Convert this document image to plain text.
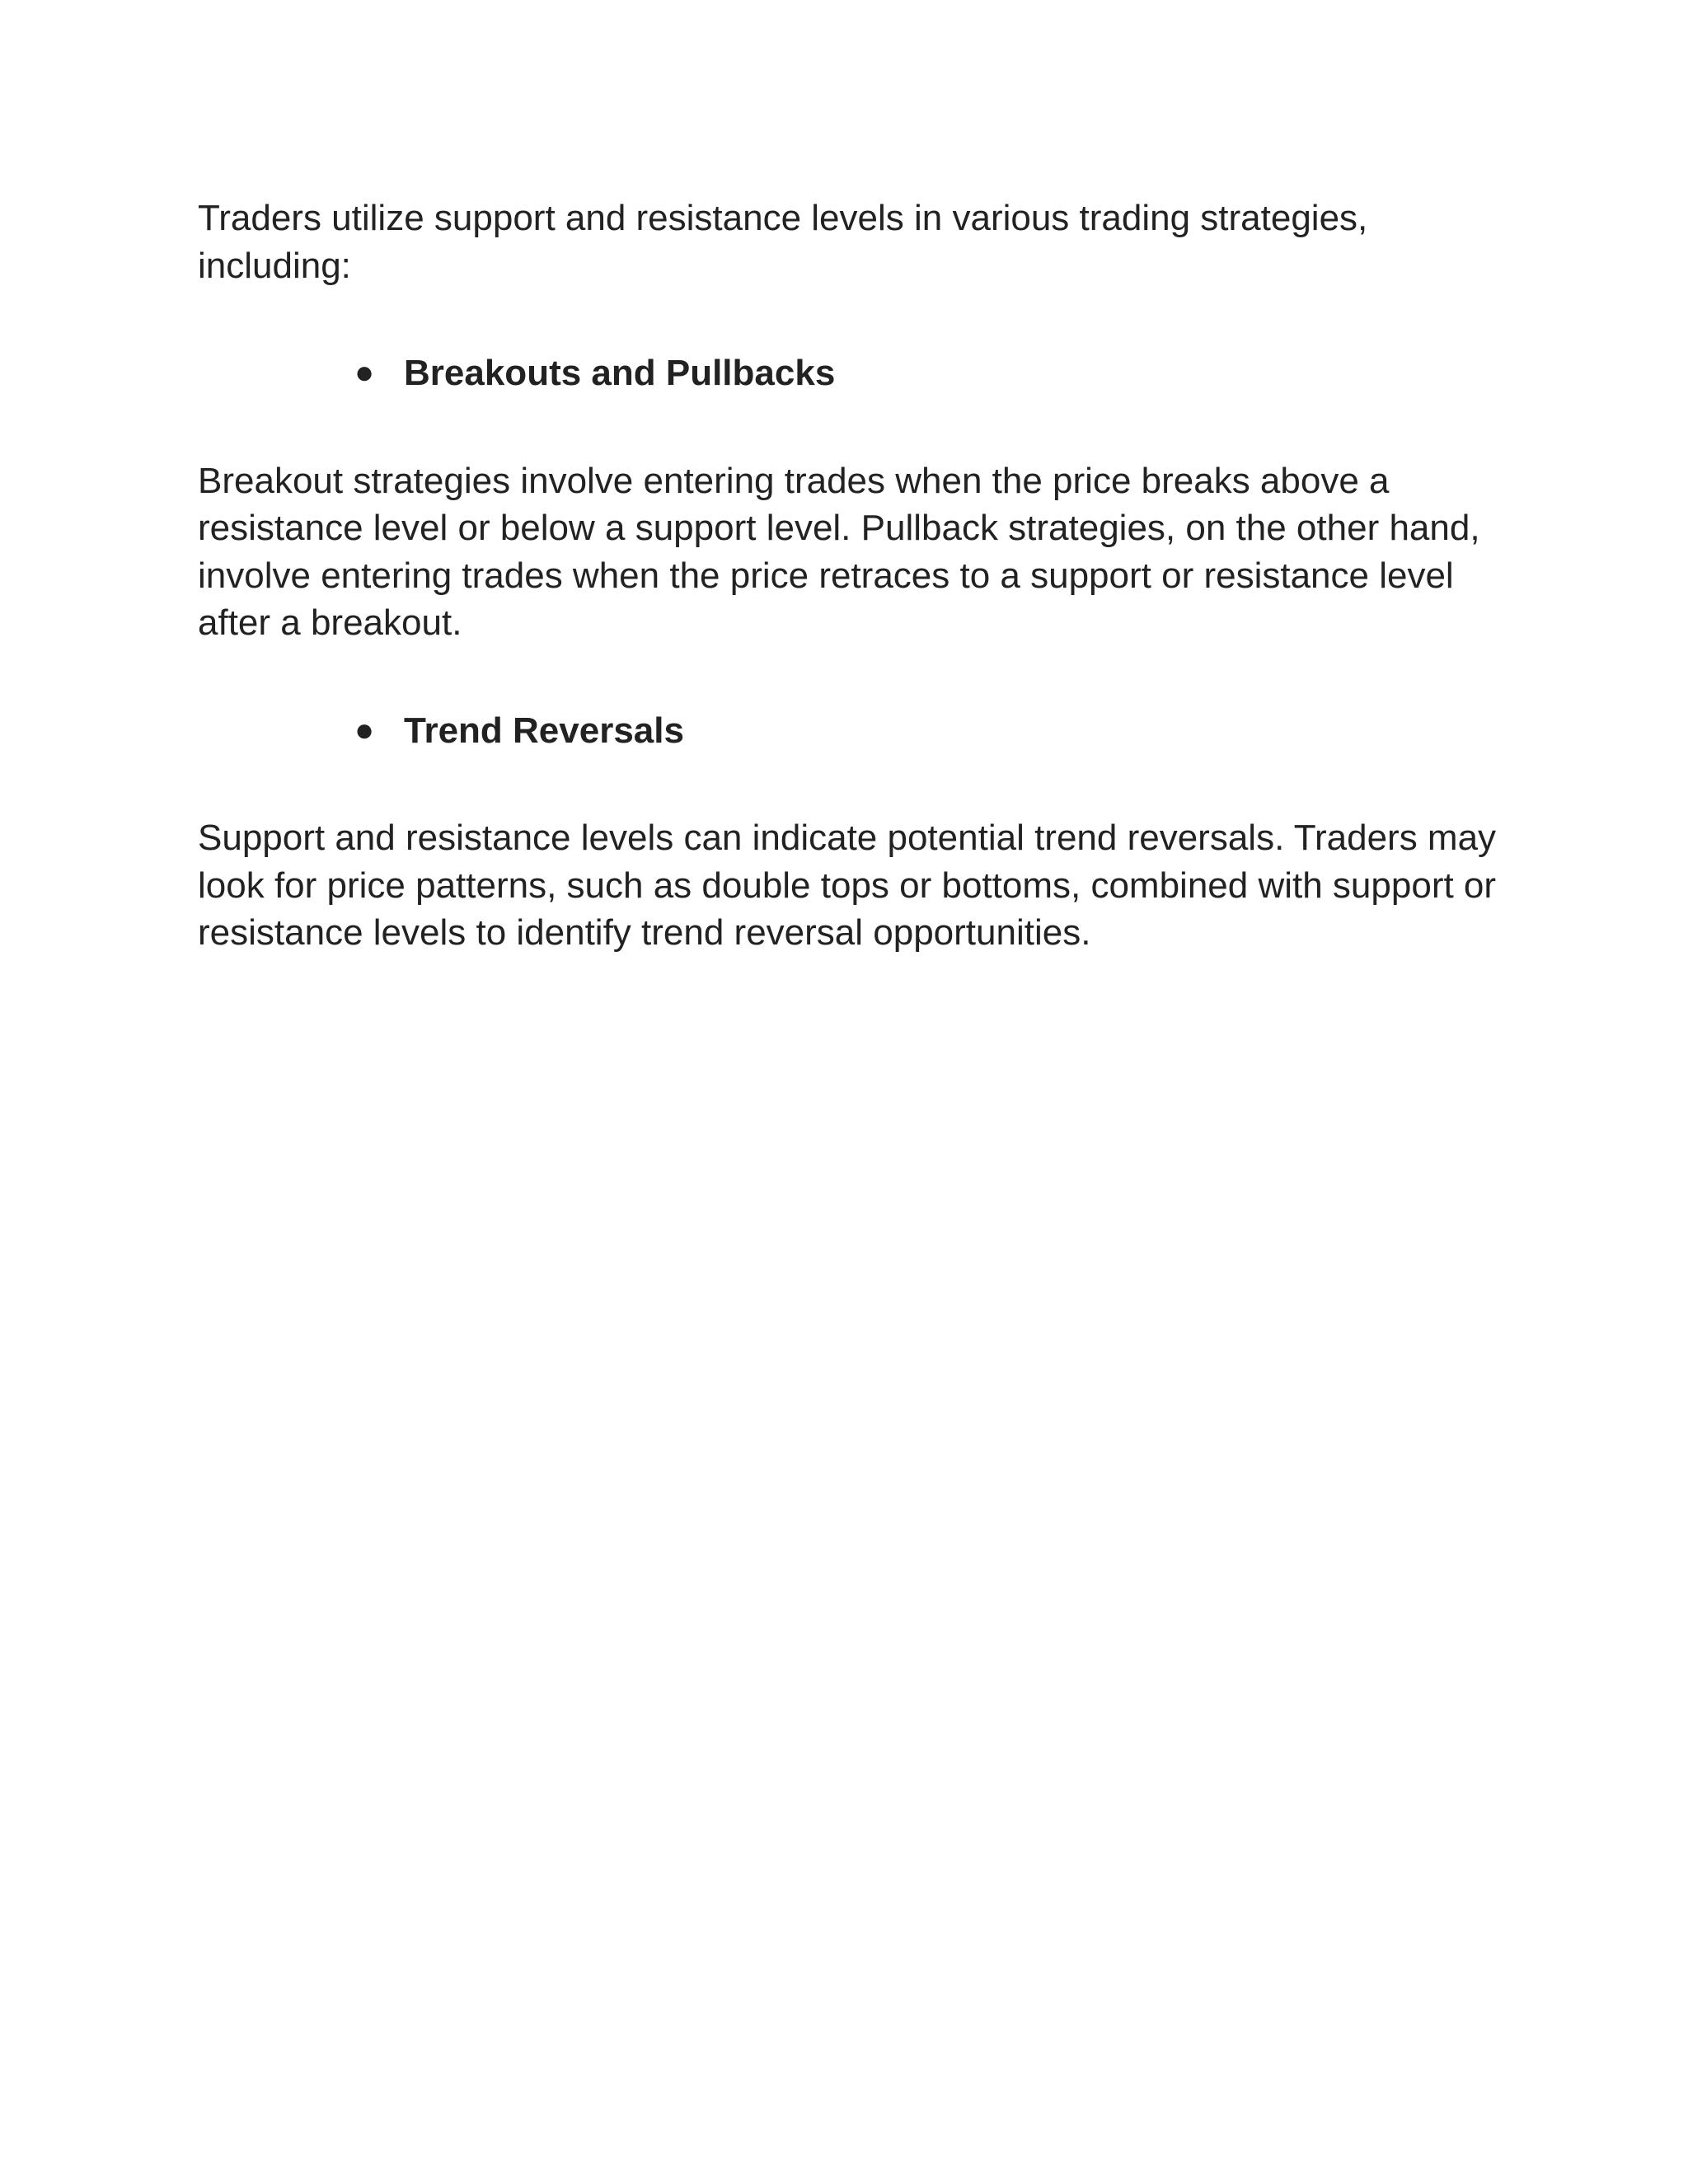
Traders utilize support and resistance levels in various trading strategies, including:

● Breakouts and Pullbacks

Breakout strategies involve entering trades when the price breaks above a resistance level or below a support level. Pullback strategies, on the other hand, involve entering trades when the price retraces to a support or resistance level after a breakout.

● Trend Reversals

Support and resistance levels can indicate potential trend reversals. Traders may look for price patterns, such as double tops or bottoms, combined with support or resistance levels to identify trend reversal opportunities.
